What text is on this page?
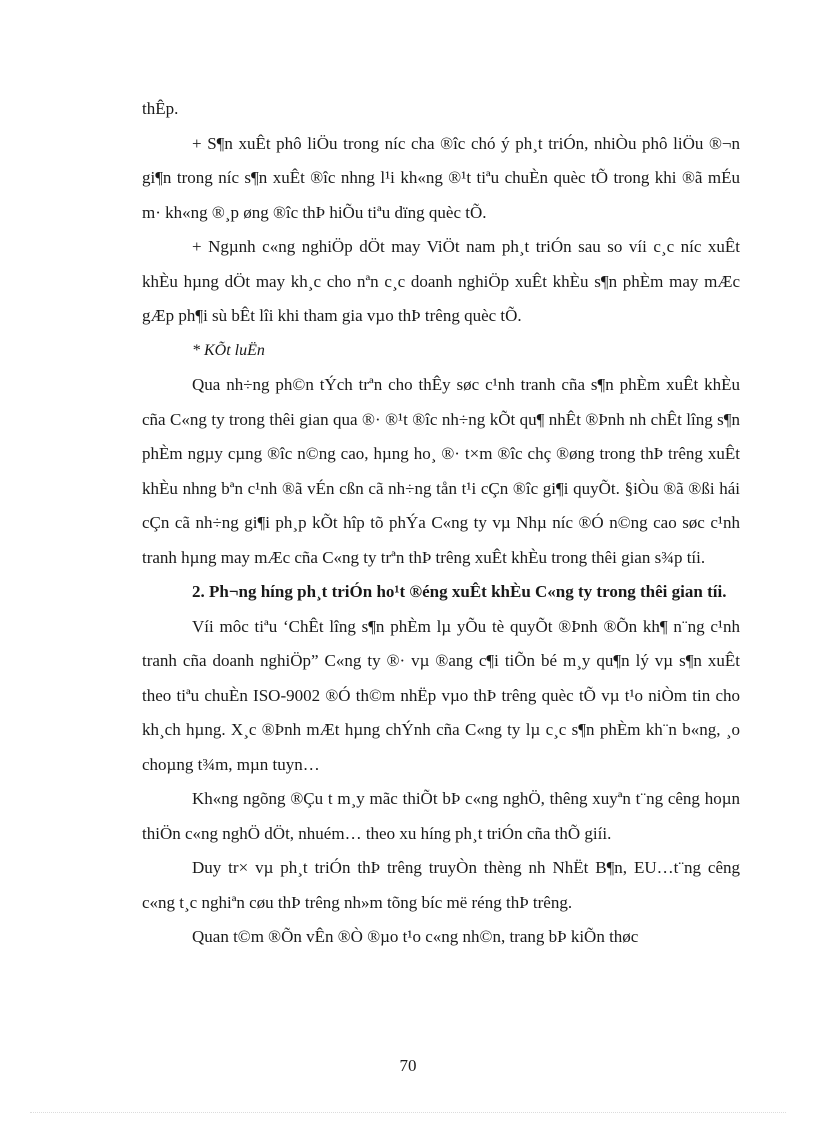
thÊp.

+ S¶n xuÊt phô liÖu trong níc cha ®îc chó ý ph¸t triÓn, nhiÒu phô liÖu ®¬n gi¶n trong níc s¶n xuÊt ®îc nhng l¹i kh«ng ®¹t tiªu chuÈn quèc tÕ trong khi ®ã mÉu m· kh«ng ®¸p øng ®îc thÞ hiÕu tiªu dïng quèc tÕ.

+ Ngµnh c«ng nghiÖp dÖt may ViÖt nam ph¸t triÓn sau so víi c¸c níc xuÊt khÈu hµng dÖt may kh¸c cho nªn c¸c doanh nghiÖp xuÊt khÈu s¶n phÈm may mÆc gÆp ph¶i sù bÊt lîi khi tham gia vµo thÞ trêng quèc tÕ.

* KÕt luËn

Qua nh÷ng ph©n tÝch trªn cho thÊy søc c¹nh tranh cña s¶n phÈm xuÊt khÈu cña C«ng ty trong thêi gian qua ®· ®¹t ®îc nh÷ng kÕt qu¶ nhÊt ®Þnh nh chÊt lîng s¶n phÈm ngµy cµng ®îc n©ng cao, hµng ho¸ ®· t×m ®îc chç ®øng trong thÞ trêng xuÊt khÈu nhng bªn c¹nh ®ã vÉn cßn cã nh÷ng tån t¹i cÇn ®îc gi¶i quyÕt. §iÒu ®ã ®ßi hái cÇn cã nh÷ng gi¶i ph¸p kÕt hîp tõ phÝa C«ng ty vµ Nhµ níc ®Ó n©ng cao søc c¹nh tranh hµng may mÆc cña C«ng ty trªn thÞ trêng xuÊt khÈu trong thêi gian s¾p tíi.

2. Ph¬ng híng ph¸t triÓn ho¹t ®éng xuÊt khÈu C«ng ty trong thêi gian tíi.

Víi môc tiªu ‘ChÊt lîng s¶n phÈm lµ yÕu tè quyÕt ®Þnh ®Õn kh¶ n¨ng c¹nh tranh cña doanh nghiÖp” C«ng ty ®· vµ ®ang c¶i tiÕn bé m¸y qu¶n lý vµ s¶n xuÊt theo tiªu chuÈn ISO-9002 ®Ó th©m nhËp vµo thÞ trêng quèc tÕ vµ t¹o niÒm tin cho kh¸ch hµng. X¸c ®Þnh mÆt hµng chÝnh cña C«ng ty lµ c¸c s¶n phÈm kh¨n b«ng, ¸o choµng t¾m, mµn tuyn…

Kh«ng ngõng ®Çu t m¸y mãc thiÕt bÞ c«ng nghÖ, thêng xuyªn t¨ng cêng hoµn thiÖn c«ng nghÖ dÖt, nhuém… theo xu híng ph¸t triÓn cña thÕ giíi.

Duy tr× vµ ph¸t triÓn thÞ trêng truyÒn thèng nh NhËt B¶n, EU…t¨ng cêng c«ng t¸c nghiªn cøu thÞ trêng nh»m tõng bíc më réng thÞ trêng.

Quan t©m ®Õn vÊn ®Ò ®µo t¹o c«ng nh©n, trang bÞ kiÕn thøc

70
